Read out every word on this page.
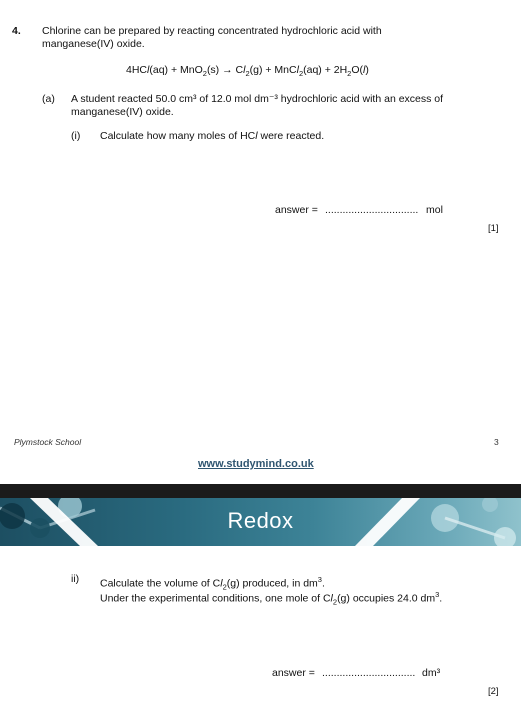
4. Chlorine can be prepared by reacting concentrated hydrochloric acid with
manganese(IV) oxide.
$4HCl(aq) + MnO_2(s) \to Cl_2(g)$ + MnCl$_2$(aq) + $2H_2O(l)$
(a) A student reacted 50.0 cm³ of 12.0 mol dm⁻³ hydrochloric acid with an excess of
manganese(IV) oxide.
(i) Calculate how many moles of HCl were reacted.
answer = ................................ mol
[1]
Plymstock School	3
www.studymind.co.uk
Redox
ii) Calculate the volume of $Cl_2(g)$ produced, in $dm^3$.
Under the experimental conditions, one mole of $Cl_2(g)$ occupies 24.0 $dm^3$.
answer = ................................ dm³
[2]
